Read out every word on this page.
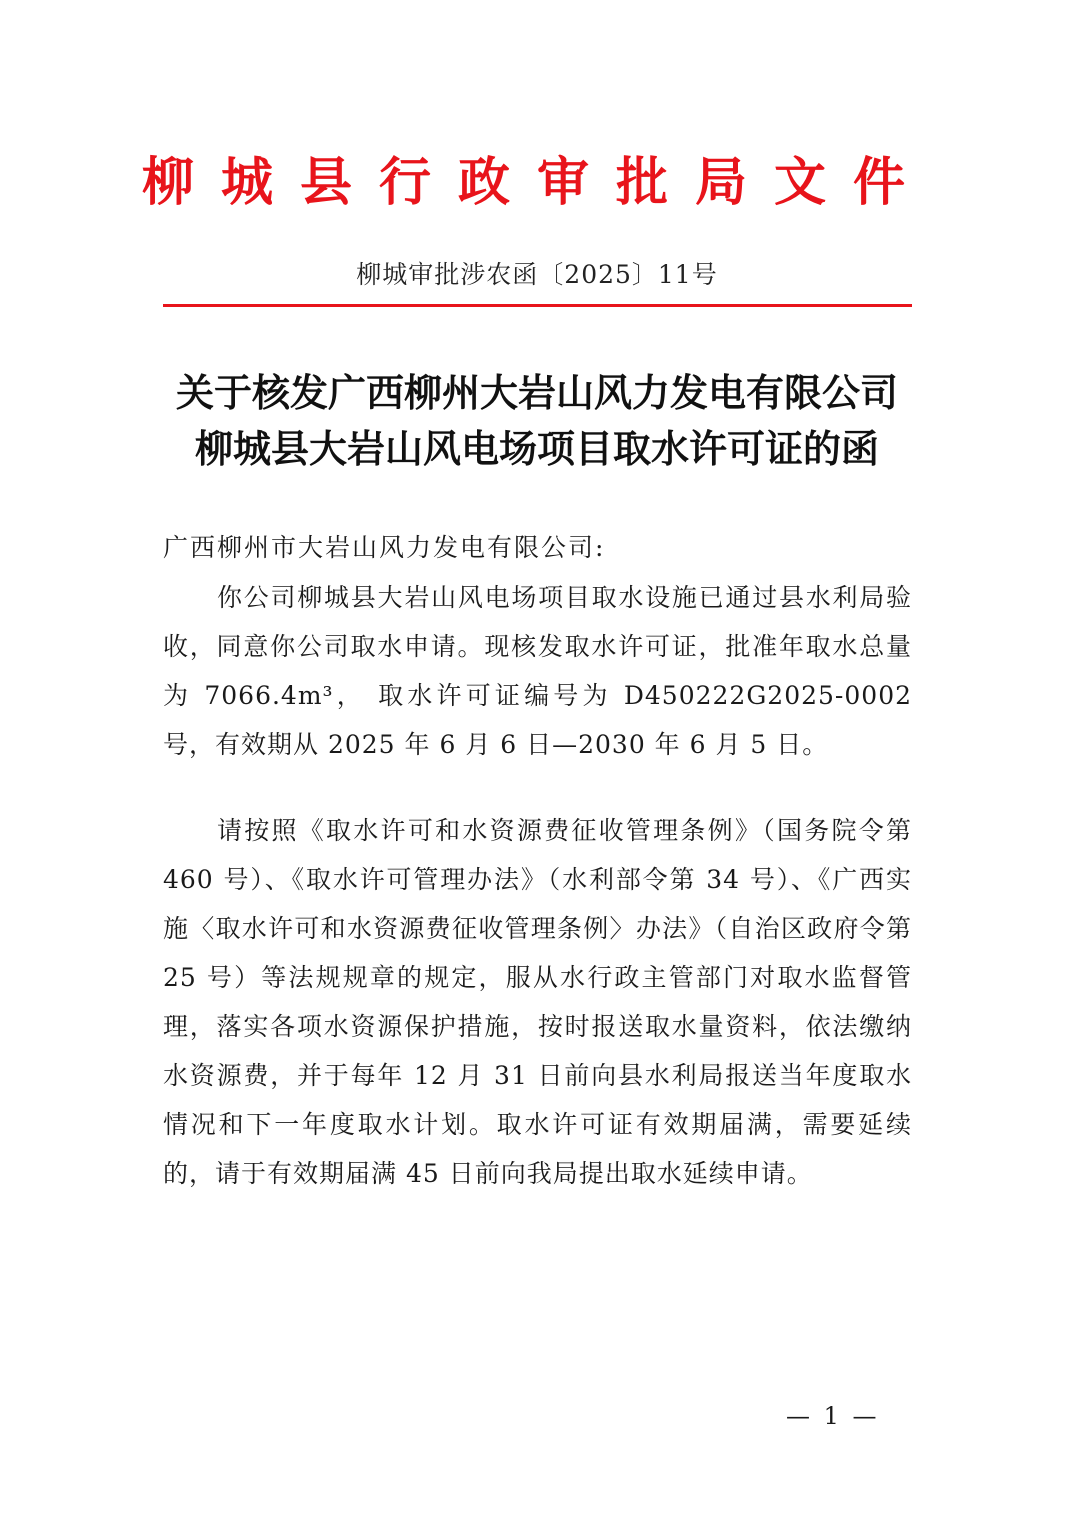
柳城县行政审批局文件
柳城审批涉农函〔2025〕11号
关于核发广西柳州大岩山风力发电有限公司
柳城县大岩山风电场项目取水许可证的函
广西柳州市大岩山风力发电有限公司:

你公司柳城县大岩山风电场项目取水设施已通过县水利局验收，同意你公司取水申请。现核发取水许可证，批准年取水总量为 7066.4m³， 取水许可证编号为 D450222G2025-0002 号，有效期从 2025 年 6 月 6 日—2030 年 6 月 5 日。

请按照《取水许可和水资源费征收管理条例》（国务院令第 460 号）、《取水许可管理办法》（水利部令第 34 号）、《广西实施〈取水许可和水资源费征收管理条例〉办法》（自治区政府令第 25 号）等法规规章的规定，服从水行政主管部门对取水监督管理，落实各项水资源保护措施，按时报送取水量资料，依法缴纳水资源费，并于每年 12 月 31 日前向县水利局报送当年度取水情况和下一年度取水计划。取水许可证有效期届满，需要延续的，请于有效期届满 45 日前向我局提出取水延续申请。

— 1 —
